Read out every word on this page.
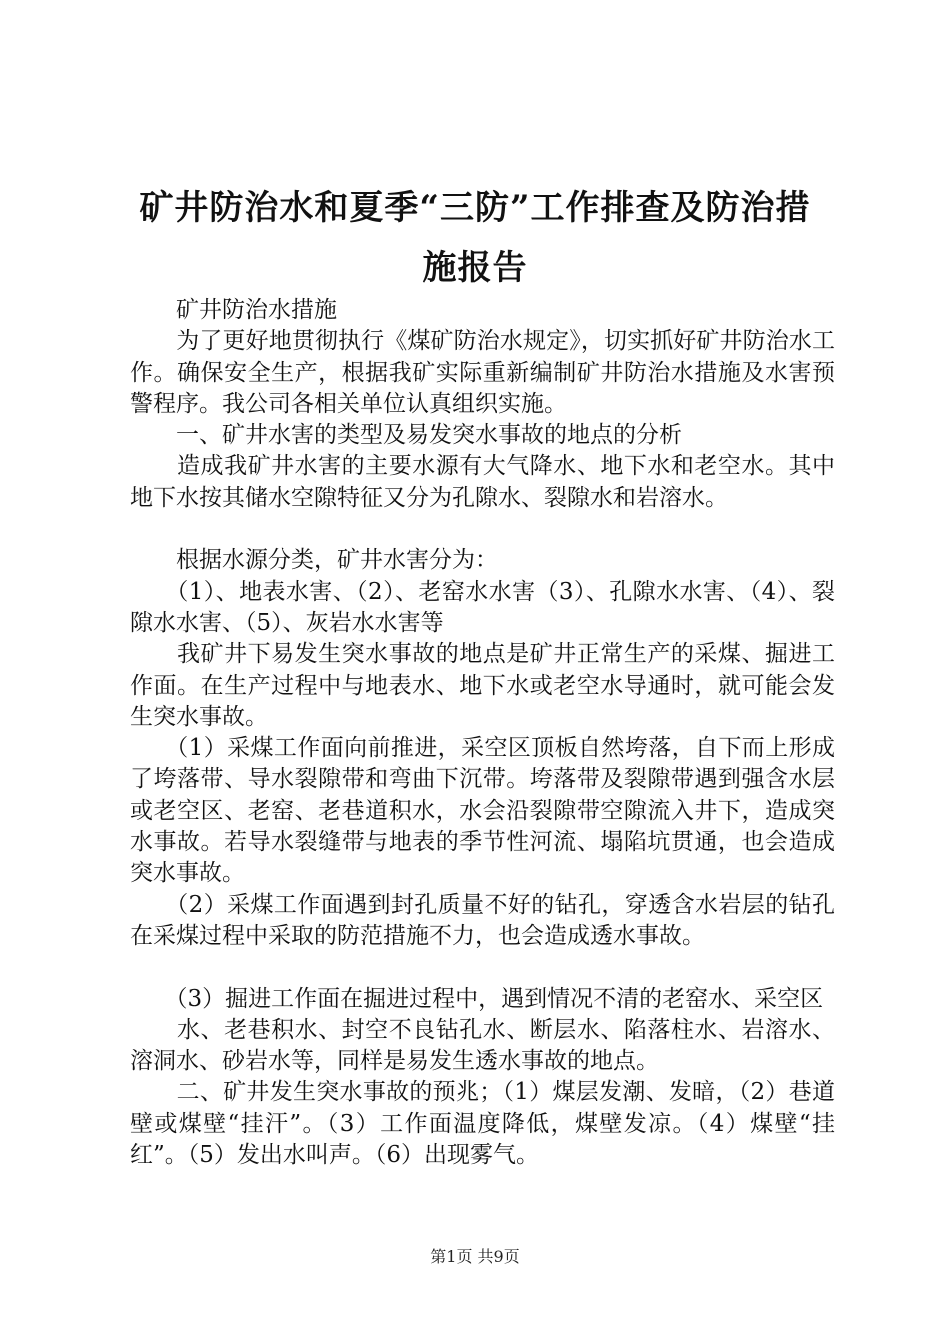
矿井防治水和夏季“三防”工作排查及防治措
施报告

　　矿井防治水措施

　　为了更好地贯彻执行《煤矿防治水规定》，切实抓好矿井防治水工作。确保安全生产，根据我矿实际重新编制矿井防治水措施及水害预警程序。我公司各相关单位认真组织实施。

　　一、矿井水害的类型及易发突水事故的地点的分析

　　造成我矿井水害的主要水源有大气降水、地下水和老空水。其中地下水按其储水空隙特征又分为孔隙水、裂隙水和岩溶水。

　　根据水源分类，矿井水害分为：

　　（1）、地表水害、（2）、老窑水水害（3）、孔隙水水害、（4）、裂隙水水害、（5）、灰岩水水害等

　　我矿井下易发生突水事故的地点是矿井正常生产的采煤、掘进工作面。在生产过程中与地表水、地下水或老空水导通时，就可能会发生突水事故。

　　（1）采煤工作面向前推进，采空区顶板自然垮落，自下而上形成了垮落带、导水裂隙带和弯曲下沉带。垮落带及裂隙带遇到强含水层或老空区、老窑、老巷道积水，水会沿裂隙带空隙流入井下，造成突水事故。若导水裂缝带与地表的季节性河流、塌陷坑贯通，也会造成突水事故。

　　（2）采煤工作面遇到封孔质量不好的钻孔，穿透含水岩层的钻孔在采煤过程中采取的防范措施不力，也会造成透水事故。

　　（3）掘进工作面在掘进过程中，遇到情况不清的老窑水、采空区

　　水、老巷积水、封空不良钻孔水、断层水、陷落柱水、岩溶水、溶洞水、砂岩水等，同样是易发生透水事故的地点。

　　二、矿井发生突水事故的预兆；（1）煤层发潮、发暗，（2）巷道壁或煤壁“挂汗”。（3）工作面温度降低，煤壁发凉。（4）煤壁“挂红”。（5）发出水叫声。（6）出现雾气。

第1页 共9页
